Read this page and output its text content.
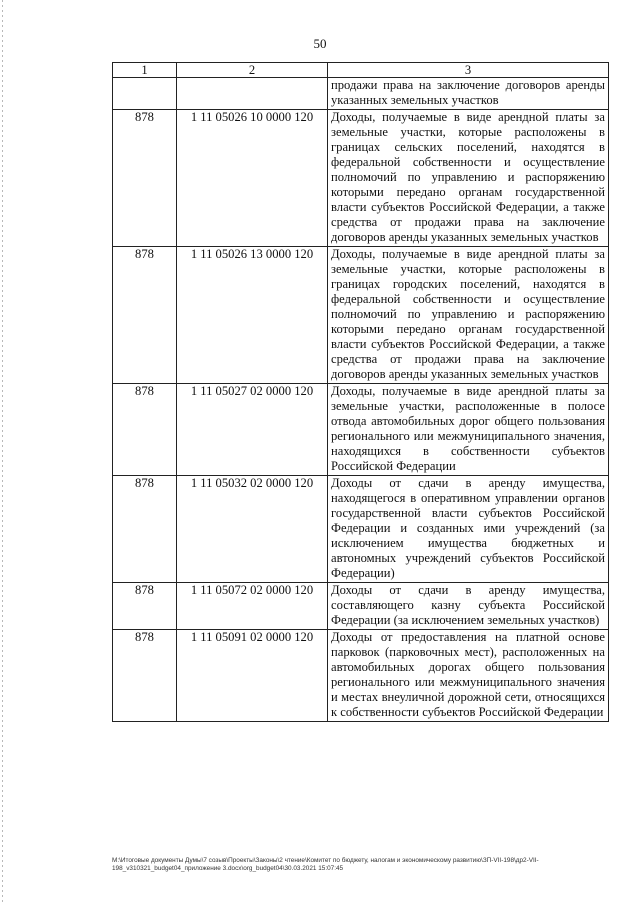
50
1	2	3
		продажи права на заключение договоров аренды указанных земельных участков
878	1 11 05026 10 0000 120	Доходы, получаемые в виде арендной платы за земельные участки, которые расположены в границах сельских поселений, находятся в федеральной собственности и осуществление полномочий по управлению и распоряжению которыми передано органам государственной власти субъектов Российской Федерации, а также средства от продажи права на заключение договоров аренды указанных земельных участков
878	1 11 05026 13 0000 120	Доходы, получаемые в виде арендной платы за земельные участки, которые расположены в границах городских поселений, находятся в федеральной собственности и осуществление полномочий по управлению и распоряжению которыми передано органам государственной власти субъектов Российской Федерации, а также средства от продажи права на заключение договоров аренды указанных земельных участков
878	1 11 05027 02 0000 120	Доходы, получаемые в виде арендной платы за земельные участки, расположенные в полосе отвода автомобильных дорог общего пользования регионального или межмуниципального значения, находящихся в собственности субъектов Российской Федерации
878	1 11 05032 02 0000 120	Доходы от сдачи в аренду имущества, находящегося в оперативном управлении органов государственной власти субъектов Российской Федерации и созданных ими учреждений (за исключением имущества бюджетных и автономных учреждений субъектов Российской Федерации)
878	1 11 05072 02 0000 120	Доходы от сдачи в аренду имущества, составляющего казну субъекта Российской Федерации (за исключением земельных участков)
878	1 11 05091 02 0000 120	Доходы от предоставления на платной основе парковок (парковочных мест), расположенных на автомобильных дорогах общего пользования регионального или межмуниципального значения и местах внеуличной дорожной сети, относящихся к собственности субъектов Российской Федерации
M:\Итоговые документы Думы\7 созыв\Проекты\Законы\2 чтение\Комитет по бюджету, налогам и экономическому развитию\ЗП-VII-198\др2-VII-198_v310321_budget04_приложение 3.docx\org_budget04\30.03.2021 15:07:45
